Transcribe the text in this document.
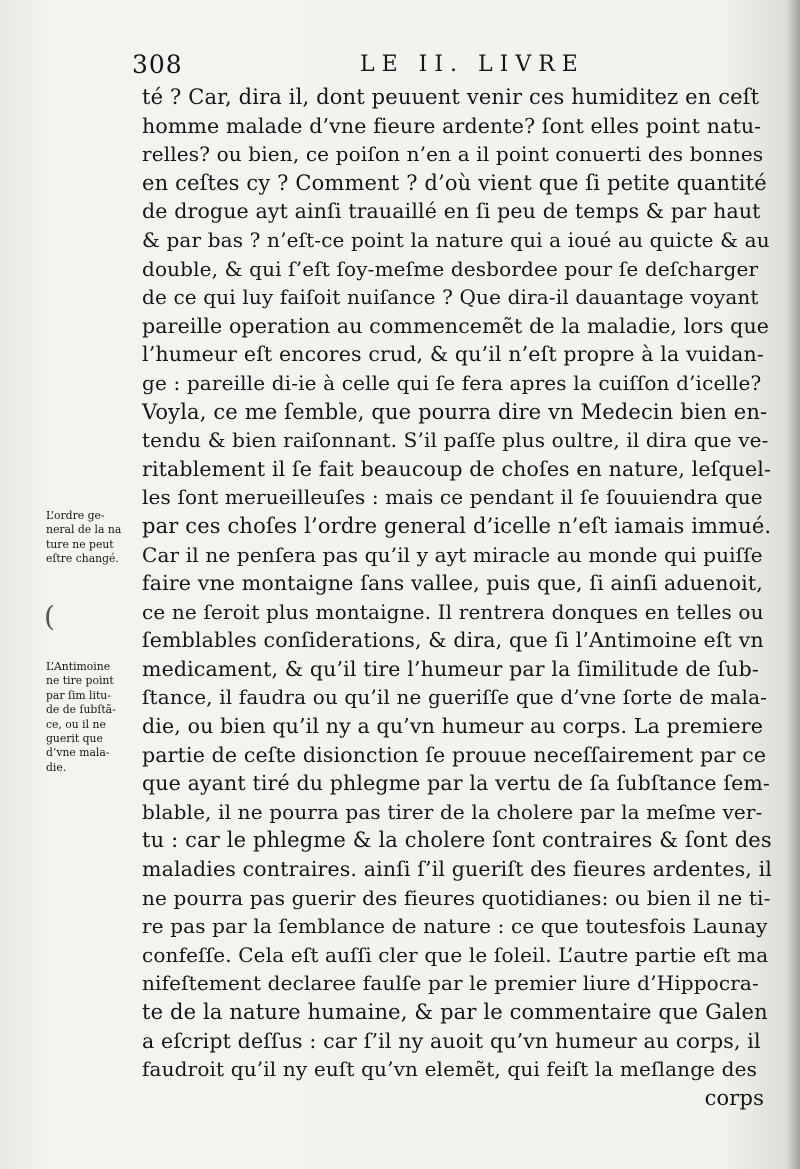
308	LE II. LIVRE
L’ordre ge-
neral de la na
ture ne peut
eſtre changé.
(
L’Antimoine
ne tire point
par ſim litu-
de de ſubſtã-
ce, ou il ne
guerit que
d’vne mala-
die.
té ? Car, dira il, dont peuuent venir ces humiditez en ceſt
homme malade d’vne fieure ardente? ſont elles point natu-
relles? ou bien, ce poiſon n’en a il point conuerti des bonnes
en ceſtes cy ? Comment ? d’où vient que ſi petite quantité
de drogue ayt ainſi trauaillé en ſi peu de temps & par haut
& par bas ? n’eſt-ce point la nature qui a ioué au quicte & au
double, & qui ſ’eſt ſoy-meſme desbordee pour ſe deſcharger
de ce qui luy faiſoit nuiſance ? Que dira-il dauantage voyant
pareille operation au commencemẽt de la maladie, lors que
l’humeur eſt encores crud, & qu’il n’eſt propre à la vuidan-
ge : pareille di-ie à celle qui ſe fera apres la cuiſſon d’icelle?
Voyla, ce me ſemble, que pourra dire vn Medecin bien en-
tendu & bien raiſonnant. S’il paſſe plus oultre, il dira que ve-
ritablement il ſe fait beaucoup de choſes en nature, leſquel-
les ſont merueilleuſes : mais ce pendant il ſe ſouuiendra que
par ces choſes l’ordre general d’icelle n’eſt iamais immué.
Car il ne penſera pas qu’il y ayt miracle au monde qui puiſſe
faire vne montaigne ſans vallee, puis que, ſi ainſi aduenoit,
ce ne ſeroit plus montaigne. Il rentrera donques en telles ou
ſemblables conſiderations, & dira, que ſi l’Antimoine eſt vn
medicament, & qu’il tire l’humeur par la ſimilitude de ſub-
ſtance, il faudra ou qu’il ne gueriſſe que d’vne ſorte de mala-
die, ou bien qu’il ny a qu’vn humeur au corps. La premiere
partie de ceſte disionction ſe prouue neceſſairement par ce
que ayant tiré du phlegme par la vertu de ſa ſubſtance ſem-
blable, il ne pourra pas tirer de la cholere par la meſme ver-
tu : car le phlegme & la cholere ſont contraires & ſont des
maladies contraires. ainſi ſ’il gueriſt des fieures ardentes, il
ne pourra pas guerir des fieures quotidianes: ou bien il ne ti-
re pas par la ſemblance de nature : ce que toutesfois Launay
confeſſe. Cela eſt auſſi cler que le ſoleil. L’autre partie eſt ma
nifeſtement declaree faulſe par le premier liure d’Hippocra-
te de la nature humaine, & par le commentaire que Galen
a eſcript deſſus : car ſ’il ny auoit qu’vn humeur au corps, il
faudroit qu’il ny euſt qu’vn elemẽt, qui feiſt la meſlange des
corps
